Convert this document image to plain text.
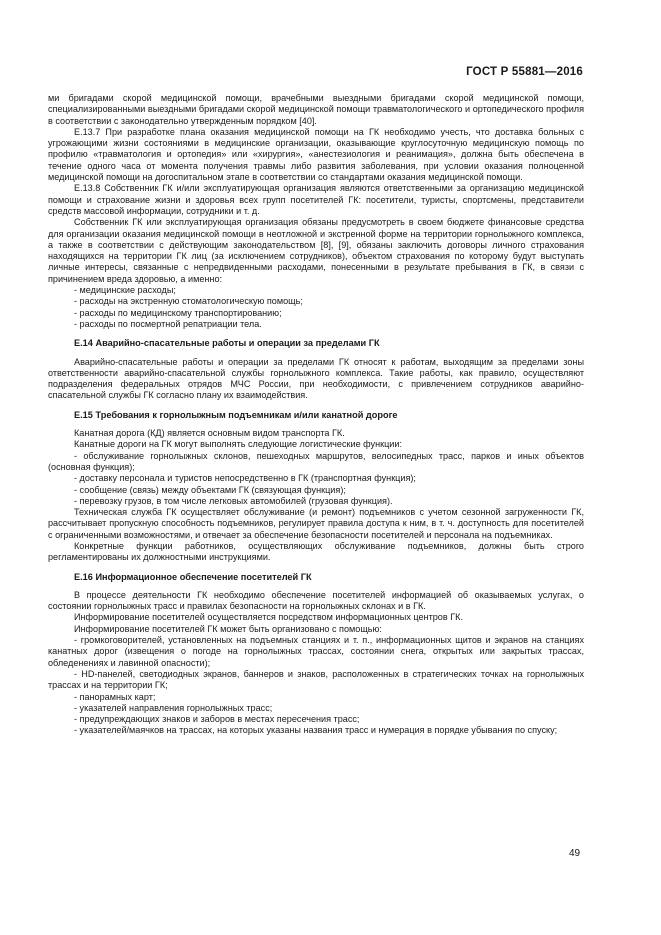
ГОСТ Р 55881—2016

ми бригадами скорой медицинской помощи, врачебными выездными бригадами скорой медицинской помощи, специализированными выездными бригадами скорой медицинской помощи травматологического и ортопедического профиля в соответствии с законодательно утвержденным порядком [40].

Е.13.7 При разработке плана оказания медицинской помощи на ГК необходимо учесть, что доставка больных с угрожающими жизни состояниями в медицинские организации, оказывающие круглосуточную медицинскую помощь по профилю «травматология и ортопедия» или «хирургия», «анестезиология и реанимация», должна быть обеспечена в течение одного часа от момента получения травмы либо развития заболевания, при условии оказания полноценной медицинской помощи на догоспитальном этапе в соответствии со стандартами оказания медицинской помощи.

Е.13.8 Собственник ГК и/или эксплуатирующая организация являются ответственными за организацию медицинской помощи и страхование жизни и здоровья всех групп посетителей ГК: посетители, туристы, спортсмены, представители средств массовой информации, сотрудники и т. д.

Собственник ГК или эксплуатирующая организация обязаны предусмотреть в своем бюджете финансовые средства для организации оказания медицинской помощи в неотложной и экстренной форме на территории горнолыжного комплекса, а также в соответствии с действующим законодательством [8], [9], обязаны заключить договоры личного страхования находящихся на территории ГК лиц (за исключением сотрудников), объектом страхования по которому будут выступать личные интересы, связанные с непредвиденными расходами, понесенными в результате пребывания в ГК, в связи с причинением вреда здоровью, а именно:

- медицинские расходы;

- расходы на экстренную стоматологическую помощь;

- расходы по медицинскому транспортированию;

- расходы по посмертной репатриации тела.

Е.14 Аварийно-спасательные работы и операции за пределами ГК

Аварийно-спасательные работы и операции за пределами ГК относят к работам, выходящим за пределами зоны ответственности аварийно-спасательной службы горнолыжного комплекса. Такие работы, как правило, осуществляют подразделения федеральных отрядов МЧС России, при необходимости, с привлечением сотрудников аварийно-спасательной службы ГК согласно плану их взаимодействия.

Е.15 Требования к горнолыжным подъемникам и/или канатной дороге

Канатная дорога (КД) является основным видом транспорта ГК.

Канатные дороги на ГК могут выполнять следующие логистические функции:

- обслуживание горнолыжных склонов, пешеходных маршрутов, велосипедных трасс, парков и иных объектов (основная функция);

- доставку персонала и туристов непосредственно в ГК (транспортная функция);

- сообщение (связь) между объектами ГК (связующая функция);

- перевозку грузов, в том числе легковых автомобилей (грузовая функция).

Техническая служба ГК осуществляет обслуживание (и ремонт) подъемников с учетом сезонной загруженности ГК, рассчитывает пропускную способность подъемников, регулирует правила доступа к ним, в т. ч. доступность для посетителей с ограниченными возможностями, и отвечает за обеспечение безопасности посетителей и персонала на подъемниках.

Конкретные функции работников, осуществляющих обслуживание подъемников, должны быть строго регламентированы их должностными инструкциями.

Е.16 Информационное обеспечение посетителей ГК

В процессе деятельности ГК необходимо обеспечение посетителей информацией об оказываемых услугах, о состоянии горнолыжных трасс и правилах безопасности на горнолыжных склонах и в ГК.

Информирование посетителей осуществляется посредством информационных центров ГК.

Информирование посетителей ГК может быть организовано с помощью:

- громкоговорителей, установленных на подъемных станциях и т. п., информационных щитов и экранов на станциях канатных дорог (извещения о погоде на горнолыжных трассах, состоянии снега, открытых или закрытых трассах, обледенениях и лавинной опасности);

- HD-панелей, светодиодных экранов, баннеров и знаков, расположенных в стратегических точках на горнолыжных трассах и на территории ГК;

- панорамных карт;

- указателей направления горнолыжных трасс;

- предупреждающих знаков и заборов в местах пересечения трасс;

- указателей/маячков на трассах, на которых указаны названия трасс и нумерация в порядке убывания по спуску;

49
